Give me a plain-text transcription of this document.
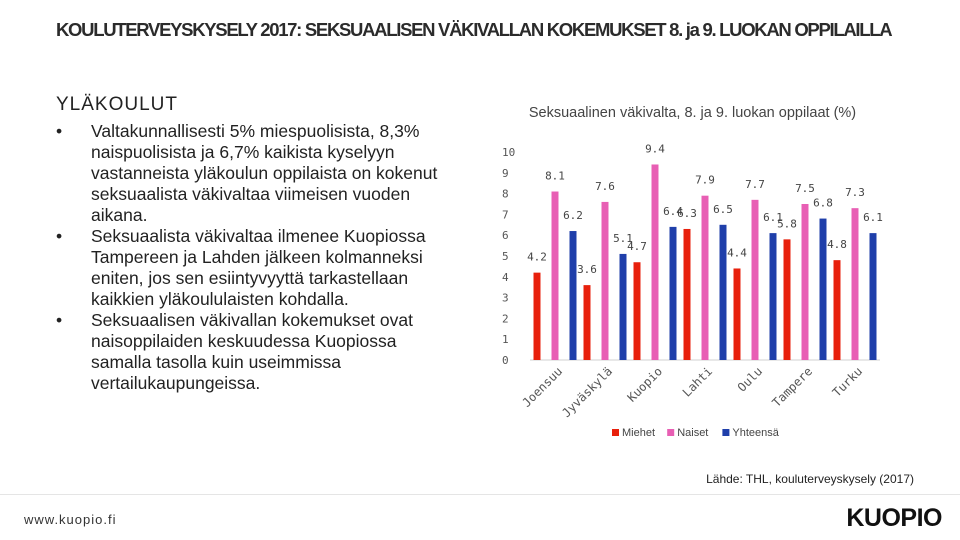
KOULUTERVEYSKYSELY 2017: SEKSUAALISEN VÄKIVALLAN KOKEMUKSET 8. ja 9. LUOKAN OPPILAILLA
YLÄKOULUT
•	Valtakunnallisesti 5% miespuolisista, 8,3% naispuolisista ja 6,7% kaikista kyselyyn vastanneista yläkoulun oppilaista on kokenut seksuaalista väkivaltaa viimeisen vuoden aikana.
•	Seksuaalista väkivaltaa ilmenee Kuopiossa Tampereen ja Lahden jälkeen kolmanneksi eniten, jos sen esiintyvyyttä tarkastellaan kaikkien yläkoululaisten kohdalla.
•	Seksuaalisen väkivallan kokemukset ovat naisoppilaiden keskuudessa Kuopiossa samalla tasolla kuin useimmissa vertailukaupungeissa.
Seksuaalinen väkivalta, 8. ja 9. luokan oppilaat (%)
0
1
2
3
4
5
6
7
8
9
10
4.2
8.1
6.2
Joensuu
3.6
7.6
5.1
Jyväskylä
4.7
9.4
6.4
Kuopio
6.3
7.9
6.5
Lahti
4.4
7.7
6.1
Oulu
5.8
7.5
6.8
Tampere
4.8
7.3
6.1
Turku
Miehet Naiset Yhteensä
Lähde: THL, kouluterveyskysely (2017)
www.kuopio.fi	KUOPIO
